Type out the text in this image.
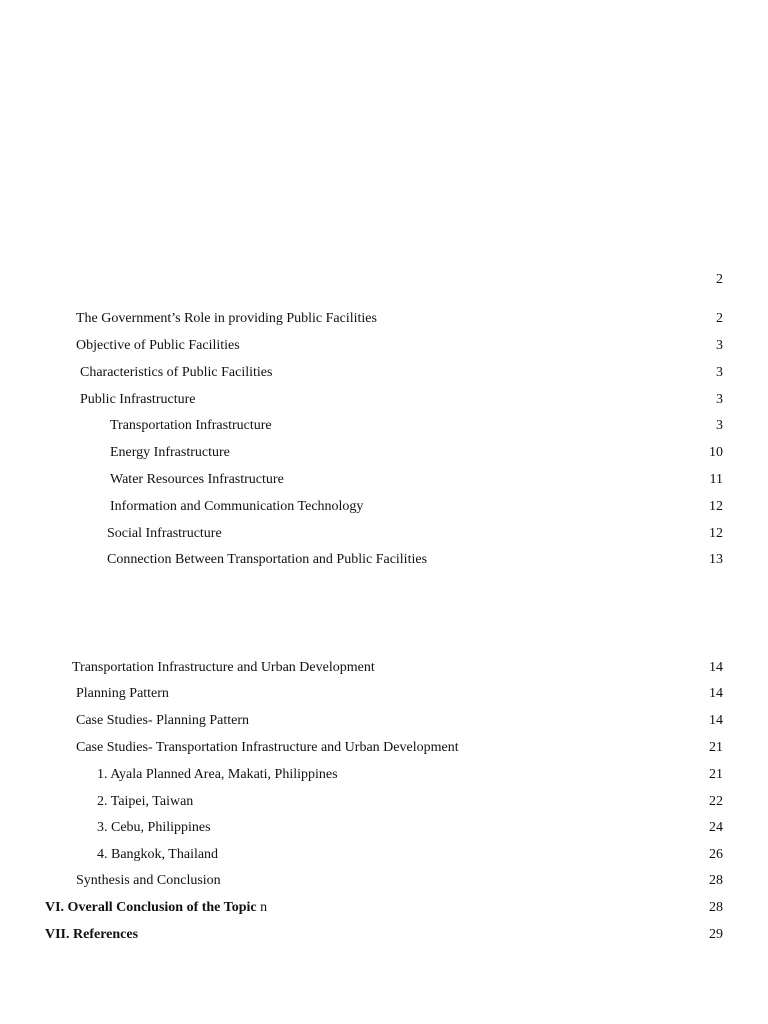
2
The Government’s Role in providing Public Facilities	2
Objective of Public Facilities	3
Characteristics of Public Facilities	3
Public Infrastructure	3
Transportation Infrastructure	3
Energy Infrastructure	10
Water Resources Infrastructure	11
Information and Communication Technology	12
Social Infrastructure	12
Connection Between Transportation and Public Facilities	13
Transportation Infrastructure and Urban Development	14
Planning Pattern	14
Case Studies- Planning Pattern	14
Case Studies- Transportation Infrastructure and Urban Development	21
1. Ayala Planned Area, Makati, Philippines	21
2. Taipei, Taiwan	22
3. Cebu, Philippines	24
4. Bangkok, Thailand	26
Synthesis and Conclusion	28
VI. Overall Conclusion of the Topic n	28
VII. References	29
